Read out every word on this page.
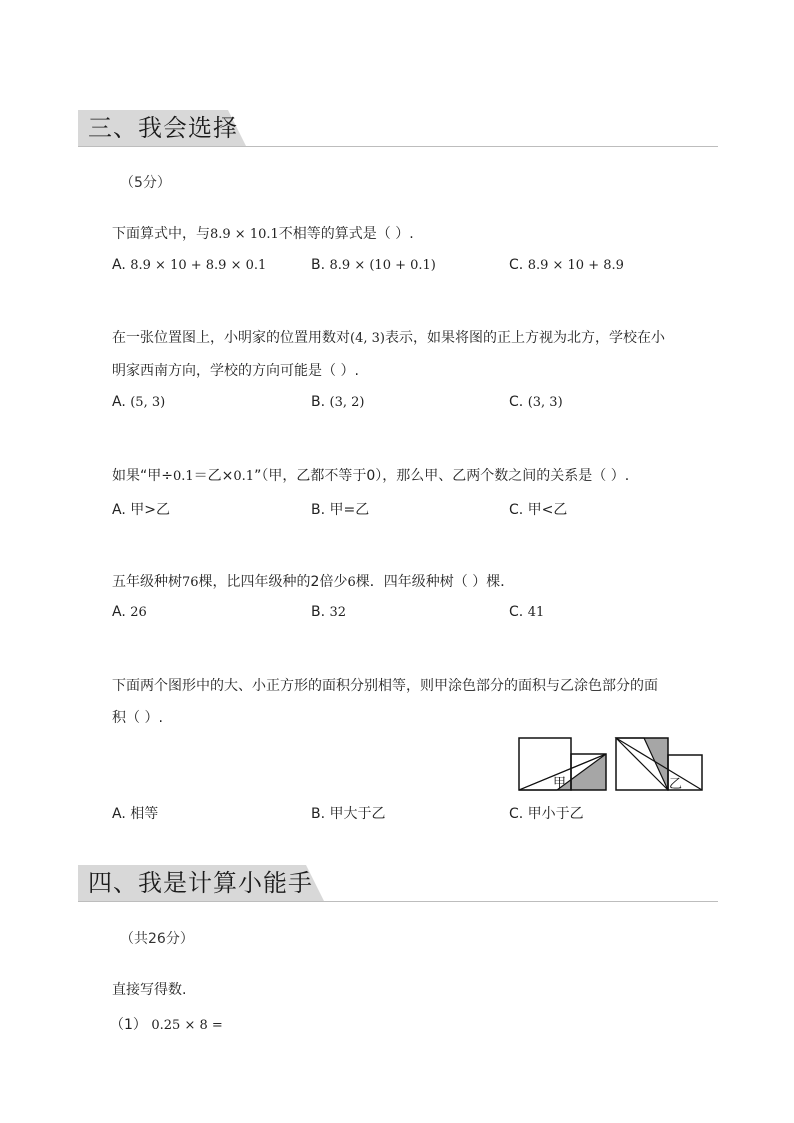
三、我会选择
（5分）
下面算式中，与8.9 × 10.1不相等的算式是（ ）.
A. 8.9 × 10 + 8.9 × 0.1	B. 8.9 × (10 + 0.1)	C. 8.9 × 10 + 8.9
在一张位置图上，小明家的位置用数对(4, 3)表示，如果将图的正上方视为北方，学校在小
明家西南方向，学校的方向可能是（ ）.
A. (5, 3)	B. (3, 2)	C. (3, 3)
如果“甲÷0.1＝乙×0.1”（甲，乙都不等于0），那么甲、乙两个数之间的关系是（ ）.
A. 甲>乙	B. 甲=乙	C. 甲<乙
五年级种树76棵，比四年级种的2倍少6棵．四年级种树（ ）棵．
A. 26	B. 32	C. 41
下面两个图形中的大、小正方形的面积分别相等，则甲涂色部分的面积与乙涂色部分的面
积（ ）.
甲	乙
A. 相等	B. 甲大于乙	C. 甲小于乙
四、我是计算小能手
（共26分）
直接写得数.
（1） 0.25 × 8 =
